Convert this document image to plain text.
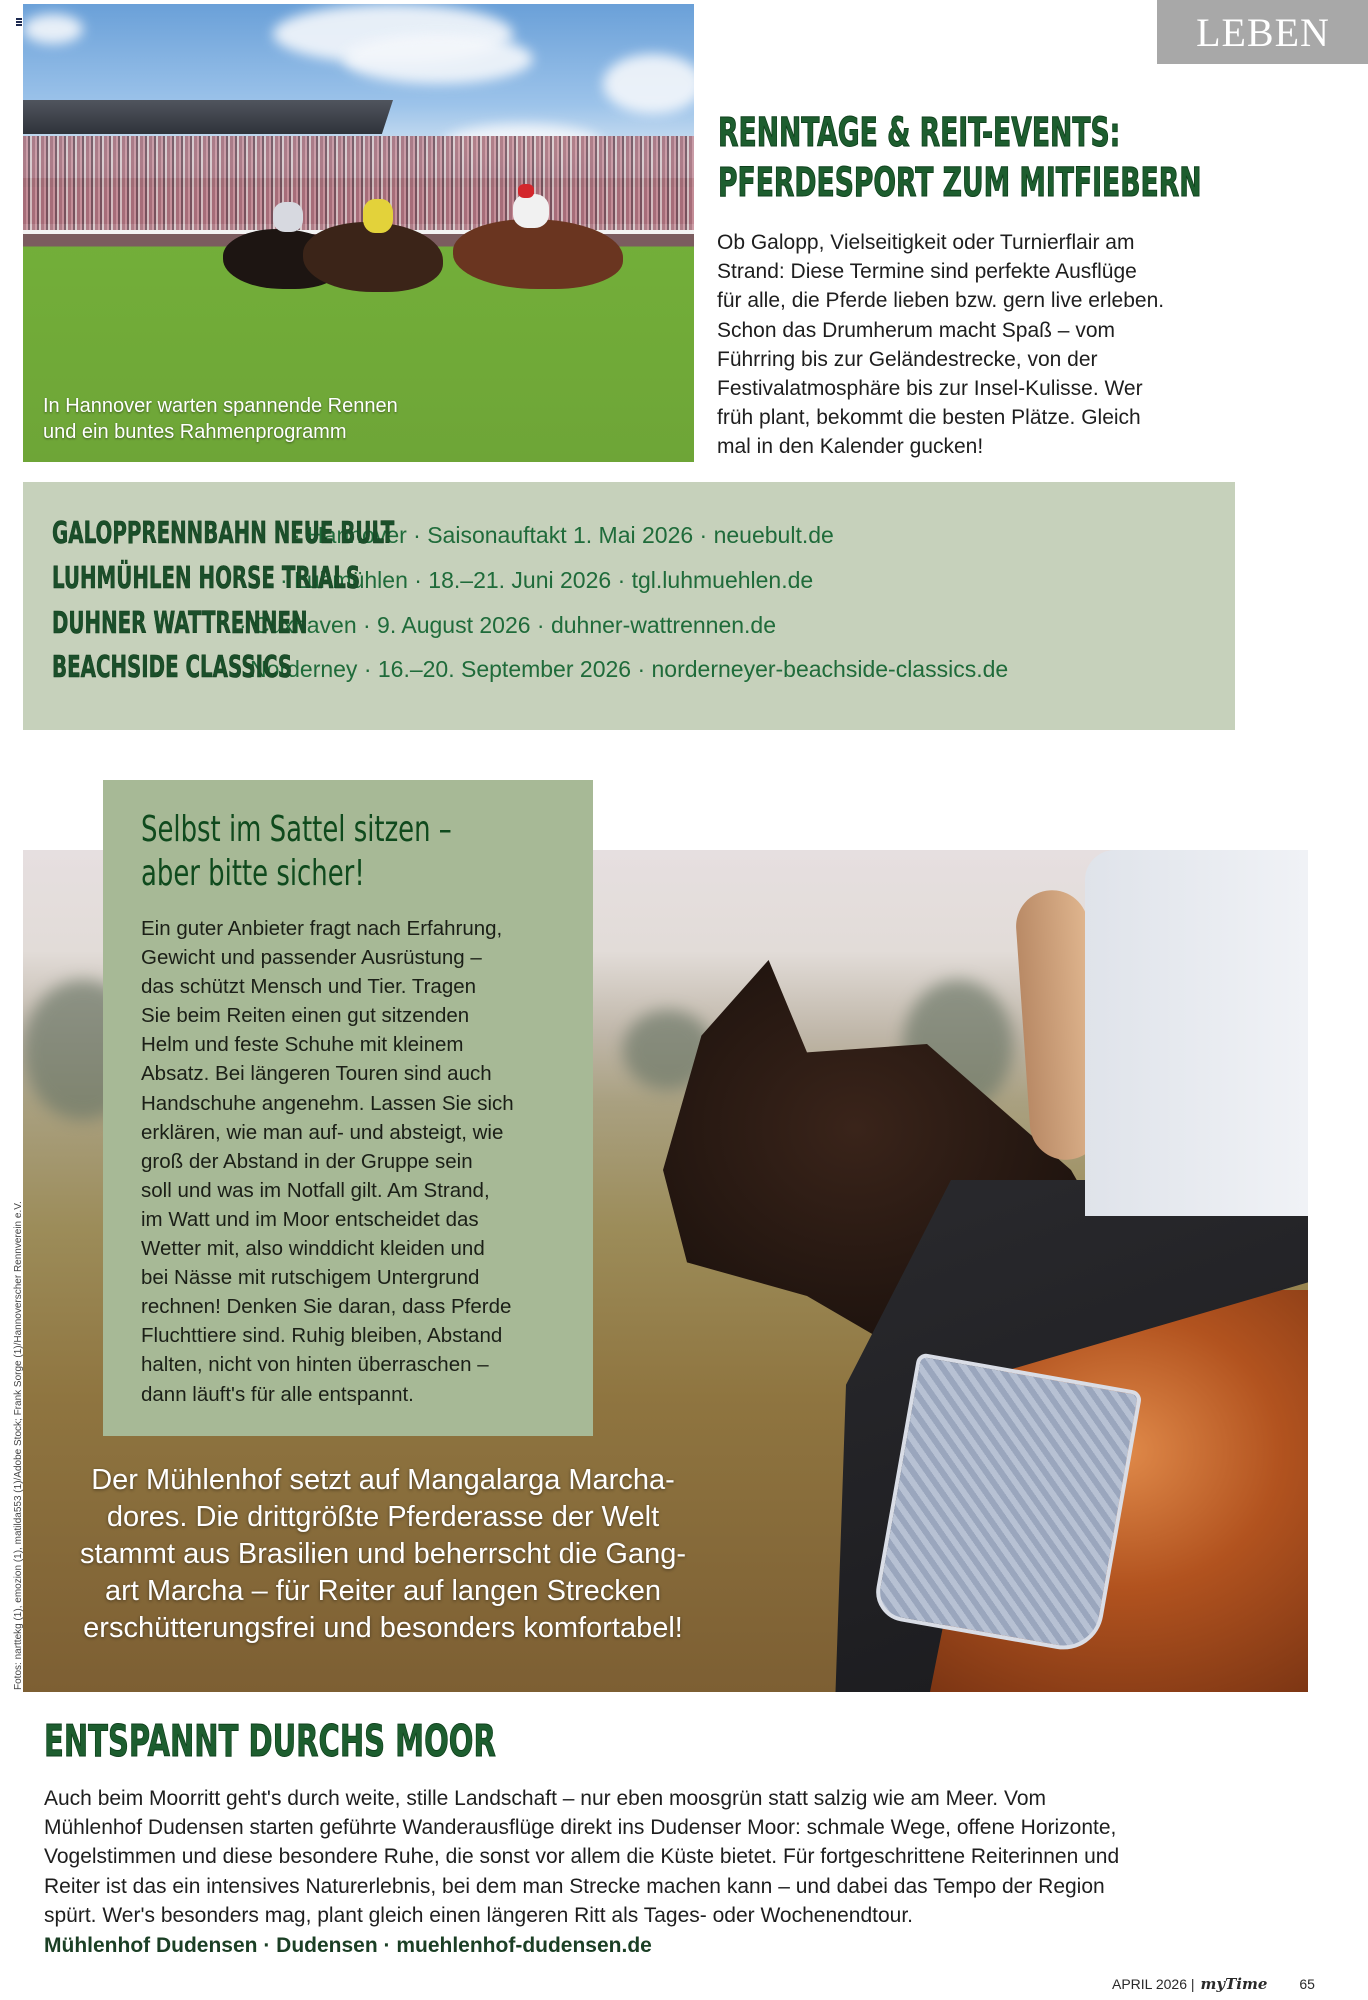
LEBEN
In Hannover warten spannende Rennen
und ein buntes Rahmenprogramm
RENNTAGE & REIT-EVENTS:
PFERDESPORT ZUM MITFIEBERN
Ob Galopp, Vielseitigkeit oder Turnierflair am
Strand: Diese Termine sind perfekte Ausflüge
für alle, die Pferde lieben bzw. gern live erleben.
Schon das Drumherum macht Spaß – vom
Führring bis zur Geländestrecke, von der
Festivalatmosphäre bis zur Insel-Kulisse. Wer
früh plant, bekommt die besten Plätze. Gleich
mal in den Kalender gucken!
GALOPPRENNBAHN NEUE BULT
· Hannover · Saisonauftakt 1. Mai 2026 · neuebult.de
LUHMÜHLEN HORSE TRIALS
· Luhmühlen · 18.–21. Juni 2026 · tgl.luhmuehlen.de
DUHNER WATTRENNEN
· Cuxhaven · 9. August 2026 · duhner-wattrennen.de
BEACHSIDE CLASSICS
· Norderney · 16.–20. September 2026 · norderneyer-beachside-classics.de
Der Mühlenhof setzt auf Mangalarga Marcha-
dores. Die drittgrößte Pferderasse der Welt
stammt aus Brasilien und beherrscht die Gang-
art Marcha – für Reiter auf langen Strecken
erschütterungsfrei und besonders komfortabel!
Selbst im Sattel sitzen –
aber bitte sicher!
Ein guter Anbieter fragt nach Erfahrung,
Gewicht und passender Ausrüstung –
das schützt Mensch und Tier. Tragen
Sie beim Reiten einen gut sitzenden
Helm und feste Schuhe mit kleinem
Absatz. Bei längeren Touren sind auch
Handschuhe angenehm. Lassen Sie sich
erklären, wie man auf- und absteigt, wie
groß der Abstand in der Gruppe sein
soll und was im Notfall gilt. Am Strand,
im Watt und im Moor entscheidet das
Wetter mit, also winddicht kleiden und
bei Nässe mit rutschigem Untergrund
rechnen! Denken Sie daran, dass Pferde
Fluchttiere sind. Ruhig bleiben, Abstand
halten, nicht von hinten überraschen –
dann läuft's für alle entspannt.
Fotos: narttekg (1), emozion (1), matilda553 (1)/Adobe Stock; Frank Sorge (1)/Hannoverscher Rennverein e.V.
ENTSPANNT DURCHS MOOR
Auch beim Moorritt geht's durch weite, stille Landschaft – nur eben moosgrün statt salzig wie am Meer. Vom
Mühlenhof Dudensen starten geführte Wanderausflüge direkt ins Dudenser Moor: schmale Wege, offene Horizonte,
Vogelstimmen und diese besondere Ruhe, die sonst vor allem die Küste bietet. Für fortgeschrittene Reiterinnen und
Reiter ist das ein intensives Naturerlebnis, bei dem man Strecke machen kann – und dabei das Tempo der Region
spürt. Wer's besonders mag, plant gleich einen längeren Ritt als Tages- oder Wochenendtour.
Mühlenhof Dudensen · Dudensen · muehlenhof-dudensen.de
APRIL 2026 | myTime 65
